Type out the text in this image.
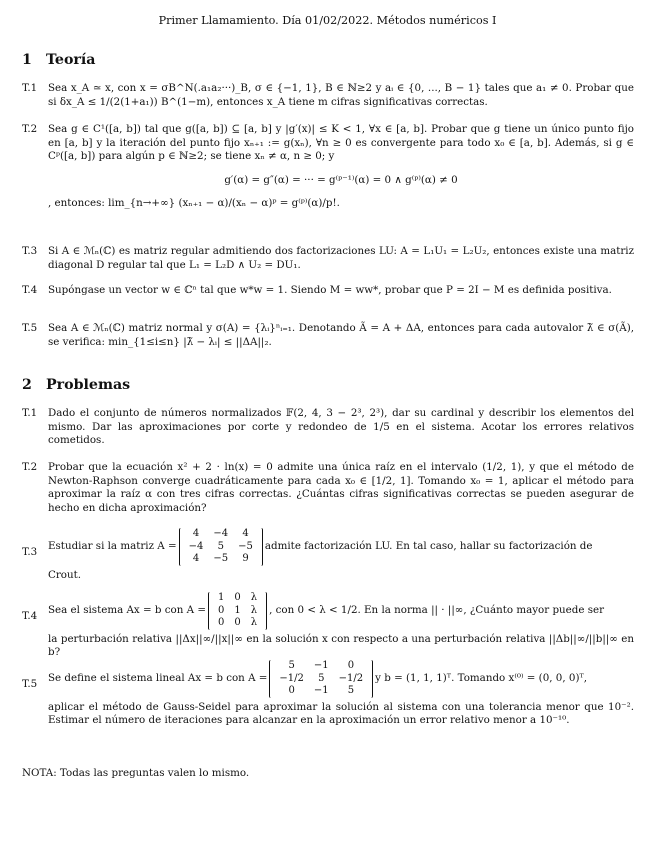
Primer Llamamiento. Día 01/02/2022. Métodos numéricos I
1 Teoría
T.1 Sea x_A ≃ x, con x = σB^N(.a₁a₂···)_B, σ ∈ {−1, 1}, B ∈ ℕ≥2 y aᵢ ∈ {0, ..., B − 1} tales que a₁ ≠ 0. Probar que si δx_A ≤ 1/(2(1+a₁)) B^(1−m), entonces x_A tiene m cifras significativas correctas.
T.2 Sea g ∈ C¹([a, b]) tal que g([a, b]) ⊆ [a, b] y |g′(x)| ≤ K < 1, ∀x ∈ [a, b]. Probar que g tiene un único punto fijo en [a, b] y la iteración del punto fijo xₙ₊₁ := g(xₙ), ∀n ≥ 0 es convergente para todo x₀ ∈ [a, b]. Además, si g ∈ Cᵖ([a, b]) para algún p ∈ ℕ≥2; se tiene xₙ ≠ α, n ≥ 0; y
g′(α) = g″(α) = ··· = g⁽ᵖ⁻¹⁾(α) = 0 ∧ g⁽ᵖ⁾(α) ≠ 0
, entonces: lim_{n→+∞} (xₙ₊₁ − α)/(xₙ − α)ᵖ = g⁽ᵖ⁾(α)/p!.
T.3 Si A ∈ ℳₙ(ℂ) es matriz regular admitiendo dos factorizaciones LU: A = L₁U₁ = L₂U₂, entonces existe una matriz diagonal D regular tal que L₁ = L₂D ∧ U₂ = DU₁.
T.4 Supóngase un vector w ∈ ℂⁿ tal que w*w = 1. Siendo M = ww*, probar que P = 2I − M es definida positiva.
T.5 Sea A ∈ ℳₙ(ℂ) matriz normal y σ(A) = {λᵢ}ⁿᵢ₌₁. Denotando Ã = A + ΔA, entonces para cada autovalor λ̃ ∈ σ(Ã), se verifica: min_{1≤i≤n} |λ̃ − λᵢ| ≤ ||ΔA||₂.
2 Problemas
T.1 Dado el conjunto de números normalizados 𝔽(2, 4, 3 − 2³, 2³), dar su cardinal y describir los elementos del mismo. Dar las aproximaciones por corte y redondeo de 1/5 en el sistema. Acotar los errores relativos cometidos.
T.2 Probar que la ecuación x² + 2 · ln(x) = 0 admite una única raíz en el intervalo (1/2, 1), y que el método de Newton-Raphson converge cuadráticamente para cada x₀ ∈ [1/2, 1]. Tomando x₀ = 1, aplicar el método para aproximar la raíz α con tres cifras correctas. ¿Cuántas cifras significativas correctas se pueden asegurar de hecho en dicha aproximación?
T.3
Estudiar si la matriz A =
4	−4	4
−4	5	−5
4	−5	9
admite factorización LU. En tal caso, hallar su factorización de
Crout.
T.4
Sea el sistema Ax = b con A =
1	0	λ
0	1	λ
0	0	λ
, con 0 < λ < 1/2. En la norma || · ||∞, ¿Cuánto mayor puede ser
la perturbación relativa ||Δx||∞/||x||∞ en la solución x con respecto a una perturbación relativa ||Δb||∞/||b||∞ en b?
T.5
Se define el sistema lineal Ax = b con A =
5	−1	0
−1/2	5	−1/2
0	−1	5
y b = (1, 1, 1)ᵀ. Tomando x⁽⁰⁾ = (0, 0, 0)ᵀ,
aplicar el método de Gauss-Seidel para aproximar la solución al sistema con una tolerancia menor que 10⁻². Estimar el número de iteraciones para alcanzar en la aproximación un error relativo menor a 10⁻¹⁰.
NOTA: Todas las preguntas valen lo mismo.
